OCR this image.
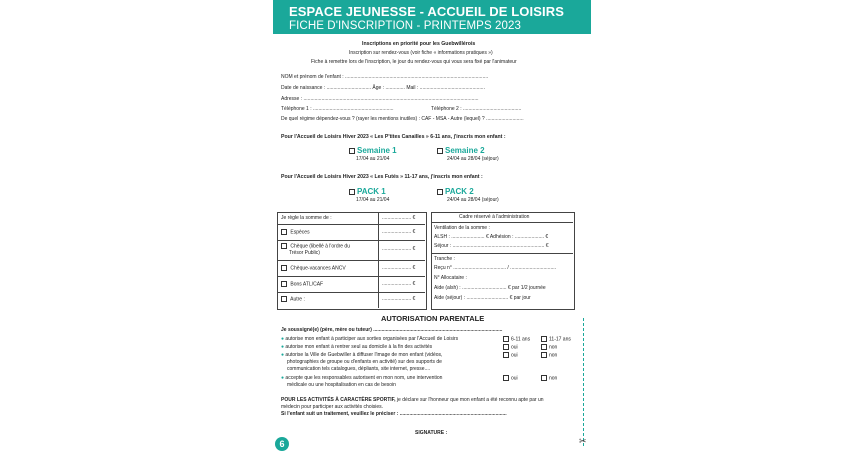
ESPACE JEUNESSE - ACCUEIL DE LOISIRS
FICHE D'INSCRIPTION - PRINTEMPS 2023
Inscriptions en priorité pour les Guebwillérois
Inscription sur rendez-vous (voir fiche « informations pratiques »)
Fiche à remettre lors de l'inscription, le jour du rendez-vous qui vous sera fixé par l'animateur
NOM et prénom de l'enfant : .......................................................................................................
Date de naissance : ................................ Âge : .............. Mail : ...............................................
Adresse : ..............................................................................................................................
Téléphone 1 : ..........................................................	Téléphone 2 : ..........................................
De quel régime dépendez-vous ? (rayer les mentions inutiles) : CAF - MSA - Autre (lequel) ? ...........................
Pour l'Accueil de Loisirs Hiver 2023 « Les P'tites Canailles » 6-11 ans, j'inscris mon enfant :
Semaine 1
17/04 au 21/04
Semaine 2
24/04 au 28/04 (séjour)
Pour l'Accueil de Loisirs Hiver 2023 « Les Futés » 11-17 ans, j'inscris mon enfant :
PACK 1
17/04 au 21/04
PACK 2
24/04 au 28/04 (séjour)
Je règle la somme de :	..................... €
Espèces	..................... €
Chèque (libellé à l'ordre du
Trésor Public)
..................... €
Chèque-vacances ANCV	..................... €
Bons ATL/CAF	..................... €
Autre :	..................... €
Cadre réservé à l'administration
Ventilation de la somme :
ALSH : ........................ € Adhésion : ..................... €
Séjour : .................................................................. €
Tranche :
Reçu n° ...................................... / .................................
N° Allocataire :
Aide (alsh) : ................................ € par 1/2 journée
Aide (séjour) : .............................. € par jour
AUTORISATION PARENTALE
Je soussigné(e) (père, mère ou tuteur) .............................................................................................
● autorise mon enfant à participer aux sorties organisées par l'Accueil de Loisirs	6-11 ans	11-17 ans
● autorise mon enfant à rentrer seul au domicile à la fin des activités	oui	non
● autorise la Ville de Guebwiller à diffuser l'image de mon enfant (vidéos,
photographies de groupe ou d'enfants en activité) sur des supports de
communication tels catalogues, dépliants, site internet, presse....
oui	non
● accepte que les responsables autorisent en mon nom, une intervention
médicale ou une hospitalisation en cas de besoin
oui	non
POUR LES ACTIVITÉS À CARACTÈRE SPORTIF, je déclare sur l'honneur que mon enfant a été reconnu apte par un
médecin pour participer aux activités choisies.
Si l'enfant suit un traitement, veuillez le préciser : .............................................................................
SIGNATURE :
6	✂
